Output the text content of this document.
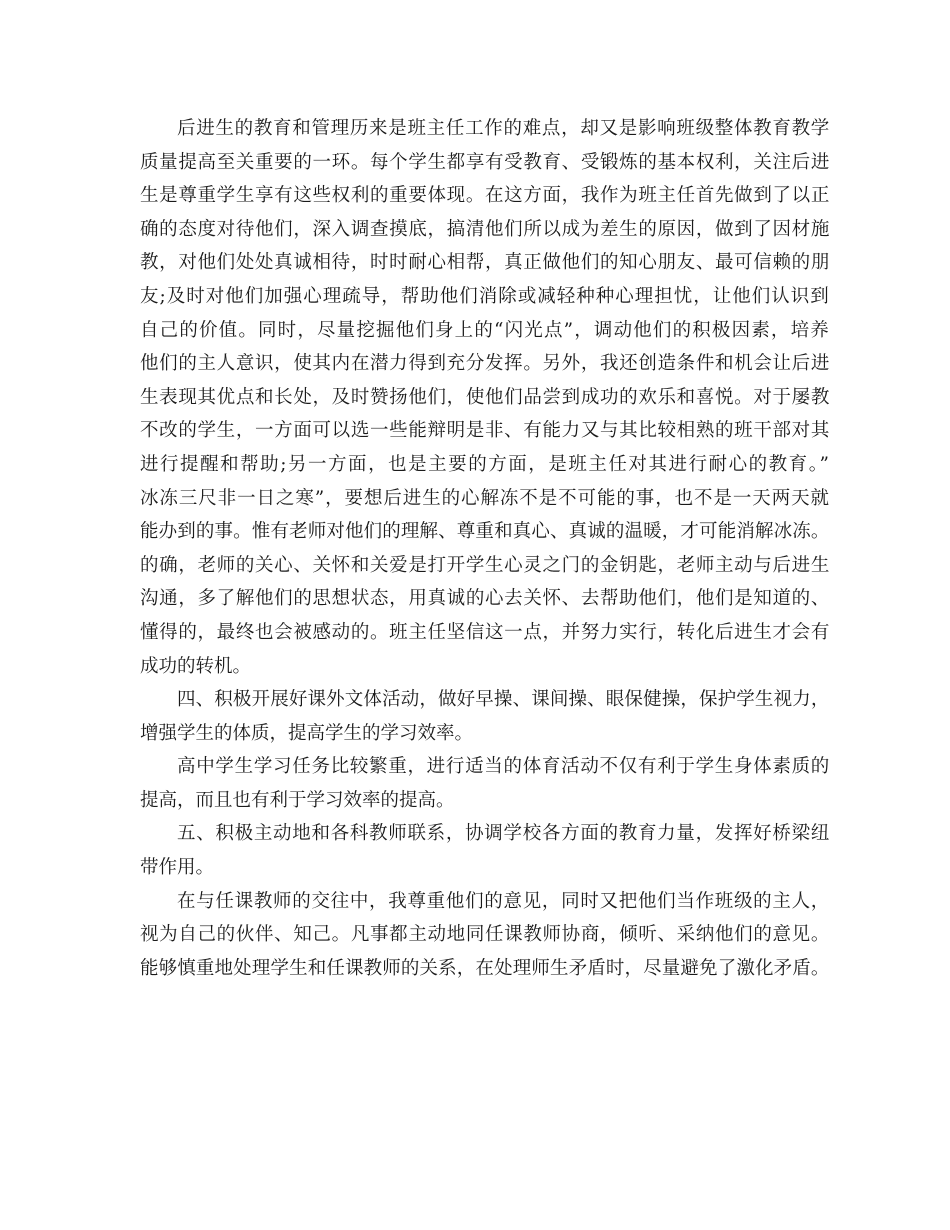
后进生的教育和管理历来是班主任工作的难点，却又是影响班级整体教育教学
质量提高至关重要的一环。每个学生都享有受教育、受锻炼的基本权利，关注后进
生是尊重学生享有这些权利的重要体现。在这方面，我作为班主任首先做到了以正
确的态度对待他们，深入调查摸底，搞清他们所以成为差生的原因，做到了因材施
教，对他们处处真诚相待，时时耐心相帮，真正做他们的知心朋友、最可信赖的朋
友;及时对他们加强心理疏导，帮助他们消除或减轻种种心理担忧，让他们认识到
自己的价值。同时，尽量挖掘他们身上的“闪光点”，调动他们的积极因素，培养
他们的主人意识，使其内在潜力得到充分发挥。另外，我还创造条件和机会让后进
生表现其优点和长处，及时赞扬他们，使他们品尝到成功的欢乐和喜悦。对于屡教
不改的学生，一方面可以选一些能辩明是非、有能力又与其比较相熟的班干部对其
进行提醒和帮助;另一方面，也是主要的方面，是班主任对其进行耐心的教育。”
冰冻三尺非一日之寒”，要想后进生的心解冻不是不可能的事，也不是一天两天就
能办到的事。惟有老师对他们的理解、尊重和真心、真诚的温暖，才可能消解冰冻。
的确，老师的关心、关怀和关爱是打开学生心灵之门的金钥匙，老师主动与后进生
沟通，多了解他们的思想状态，用真诚的心去关怀、去帮助他们，他们是知道的、
懂得的，最终也会被感动的。班主任坚信这一点，并努力实行，转化后进生才会有
成功的转机。
四、积极开展好课外文体活动，做好早操、课间操、眼保健操，保护学生视力，
增强学生的体质，提高学生的学习效率。
高中学生学习任务比较繁重，进行适当的体育活动不仅有利于学生身体素质的
提高，而且也有利于学习效率的提高。
五、积极主动地和各科教师联系，协调学校各方面的教育力量，发挥好桥梁纽
带作用。
在与任课教师的交往中，我尊重他们的意见，同时又把他们当作班级的主人，
视为自己的伙伴、知己。凡事都主动地同任课教师协商，倾听、采纳他们的意见。
能够慎重地处理学生和任课教师的关系，在处理师生矛盾时，尽量避免了激化矛盾。
